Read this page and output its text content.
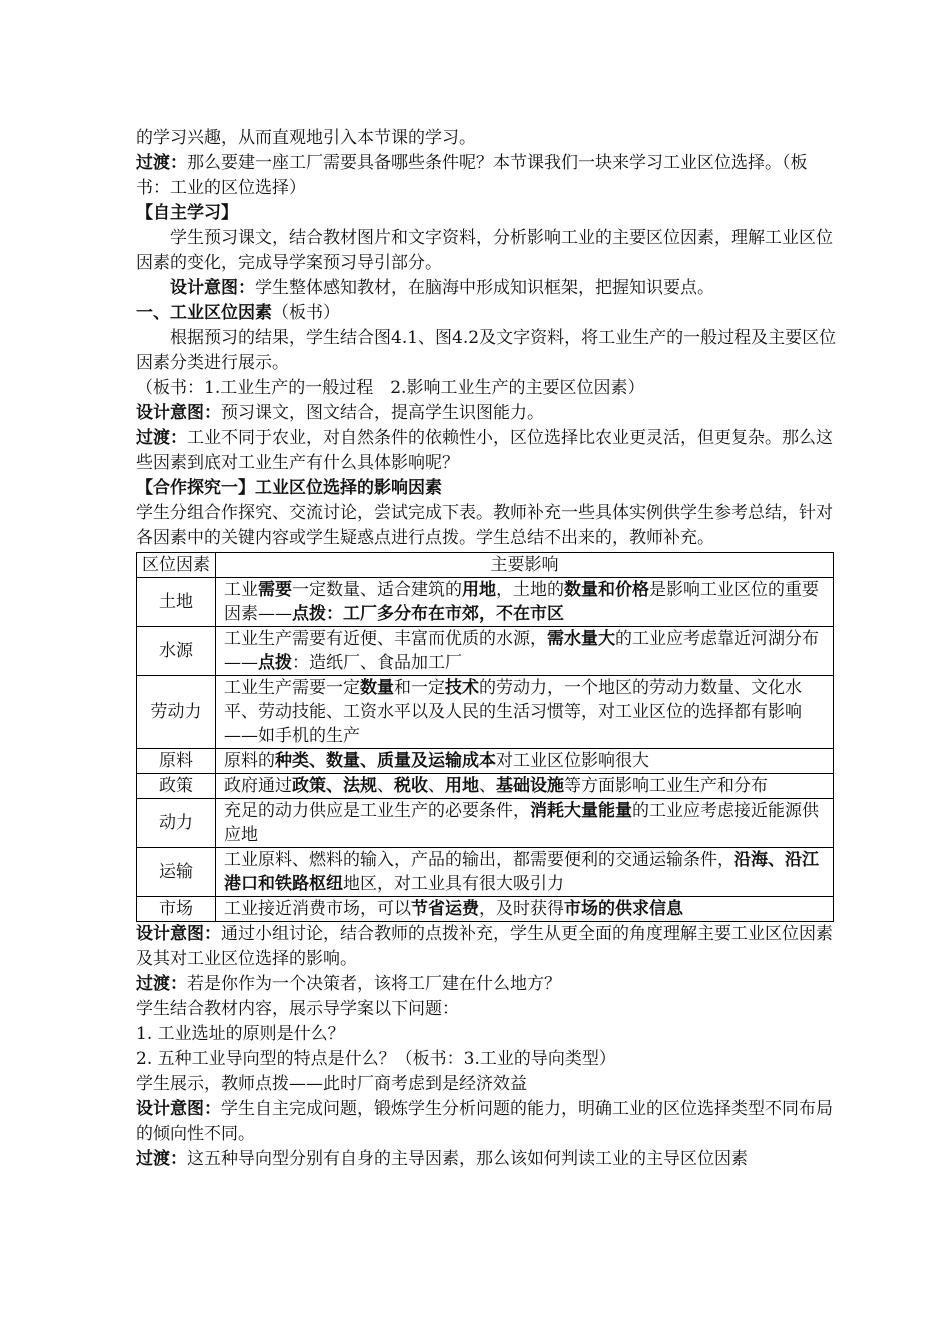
的学习兴趣，从而直观地引入本节课的学习。

过渡：那么要建一座工厂需要具备哪些条件呢？本节课我们一块来学习工业区位选择。（板书：工业的区位选择）

【自主学习】

学生预习课文，结合教材图片和文字资料，分析影响工业的主要区位因素，理解工业区位因素的变化，完成导学案预习导引部分。

设计意图：学生整体感知教材，在脑海中形成知识框架，把握知识要点。

一、工业区位因素（板书）

根据预习的结果，学生结合图4.1、图4.2及文字资料，将工业生产的一般过程及主要区位因素分类进行展示。

（板书：1.工业生产的一般过程　2.影响工业生产的主要区位因素）

设计意图：预习课文，图文结合，提高学生识图能力。

过渡：工业不同于农业，对自然条件的依赖性小，区位选择比农业更灵活，但更复杂。那么这些因素到底对工业生产有什么具体影响呢？

【合作探究一】工业区位选择的影响因素

学生分组合作探究、交流讨论，尝试完成下表。教师补充一些具体实例供学生参考总结，针对各因素中的关键内容或学生疑惑点进行点拨。学生总结不出来的，教师补充。

区位因素	主要影响
土地	工业需要一定数量、适合建筑的用地，土地的数量和价格是影响工业区位的重要因素——点拨：工厂多分布在市郊，不在市区
水源	工业生产需要有近便、丰富而优质的水源，需水量大的工业应考虑靠近河湖分布——点拨：造纸厂、食品加工厂
劳动力	工业生产需要一定数量和一定技术的劳动力，一个地区的劳动力数量、文化水平、劳动技能、工资水平以及人民的生活习惯等，对工业区位的选择都有影响——如手机的生产
原料	原料的种类、数量、质量及运输成本对工业区位影响很大
政策	政府通过政策、法规、税收、用地、基础设施等方面影响工业生产和分布
动力	充足的动力供应是工业生产的必要条件，消耗大量能量的工业应考虑接近能源供应地
运输	工业原料、燃料的输入，产品的输出，都需要便利的交通运输条件，沿海、沿江港口和铁路枢纽地区，对工业具有很大吸引力
市场	工业接近消费市场，可以节省运费，及时获得市场的供求信息

设计意图：通过小组讨论，结合教师的点拨补充，学生从更全面的角度理解主要工业区位因素及其对工业区位选择的影响。

过渡：若是你作为一个决策者，该将工厂建在什么地方？

学生结合教材内容，展示导学案以下问题：

1. 工业选址的原则是什么？

2. 五种工业导向型的特点是什么？（板书：3.工业的导向类型）

学生展示，教师点拨——此时厂商考虑到是经济效益

设计意图：学生自主完成问题，锻炼学生分析问题的能力，明确工业的区位选择类型不同布局的倾向性不同。

过渡：这五种导向型分别有自身的主导因素，那么该如何判读工业的主导区位因素
